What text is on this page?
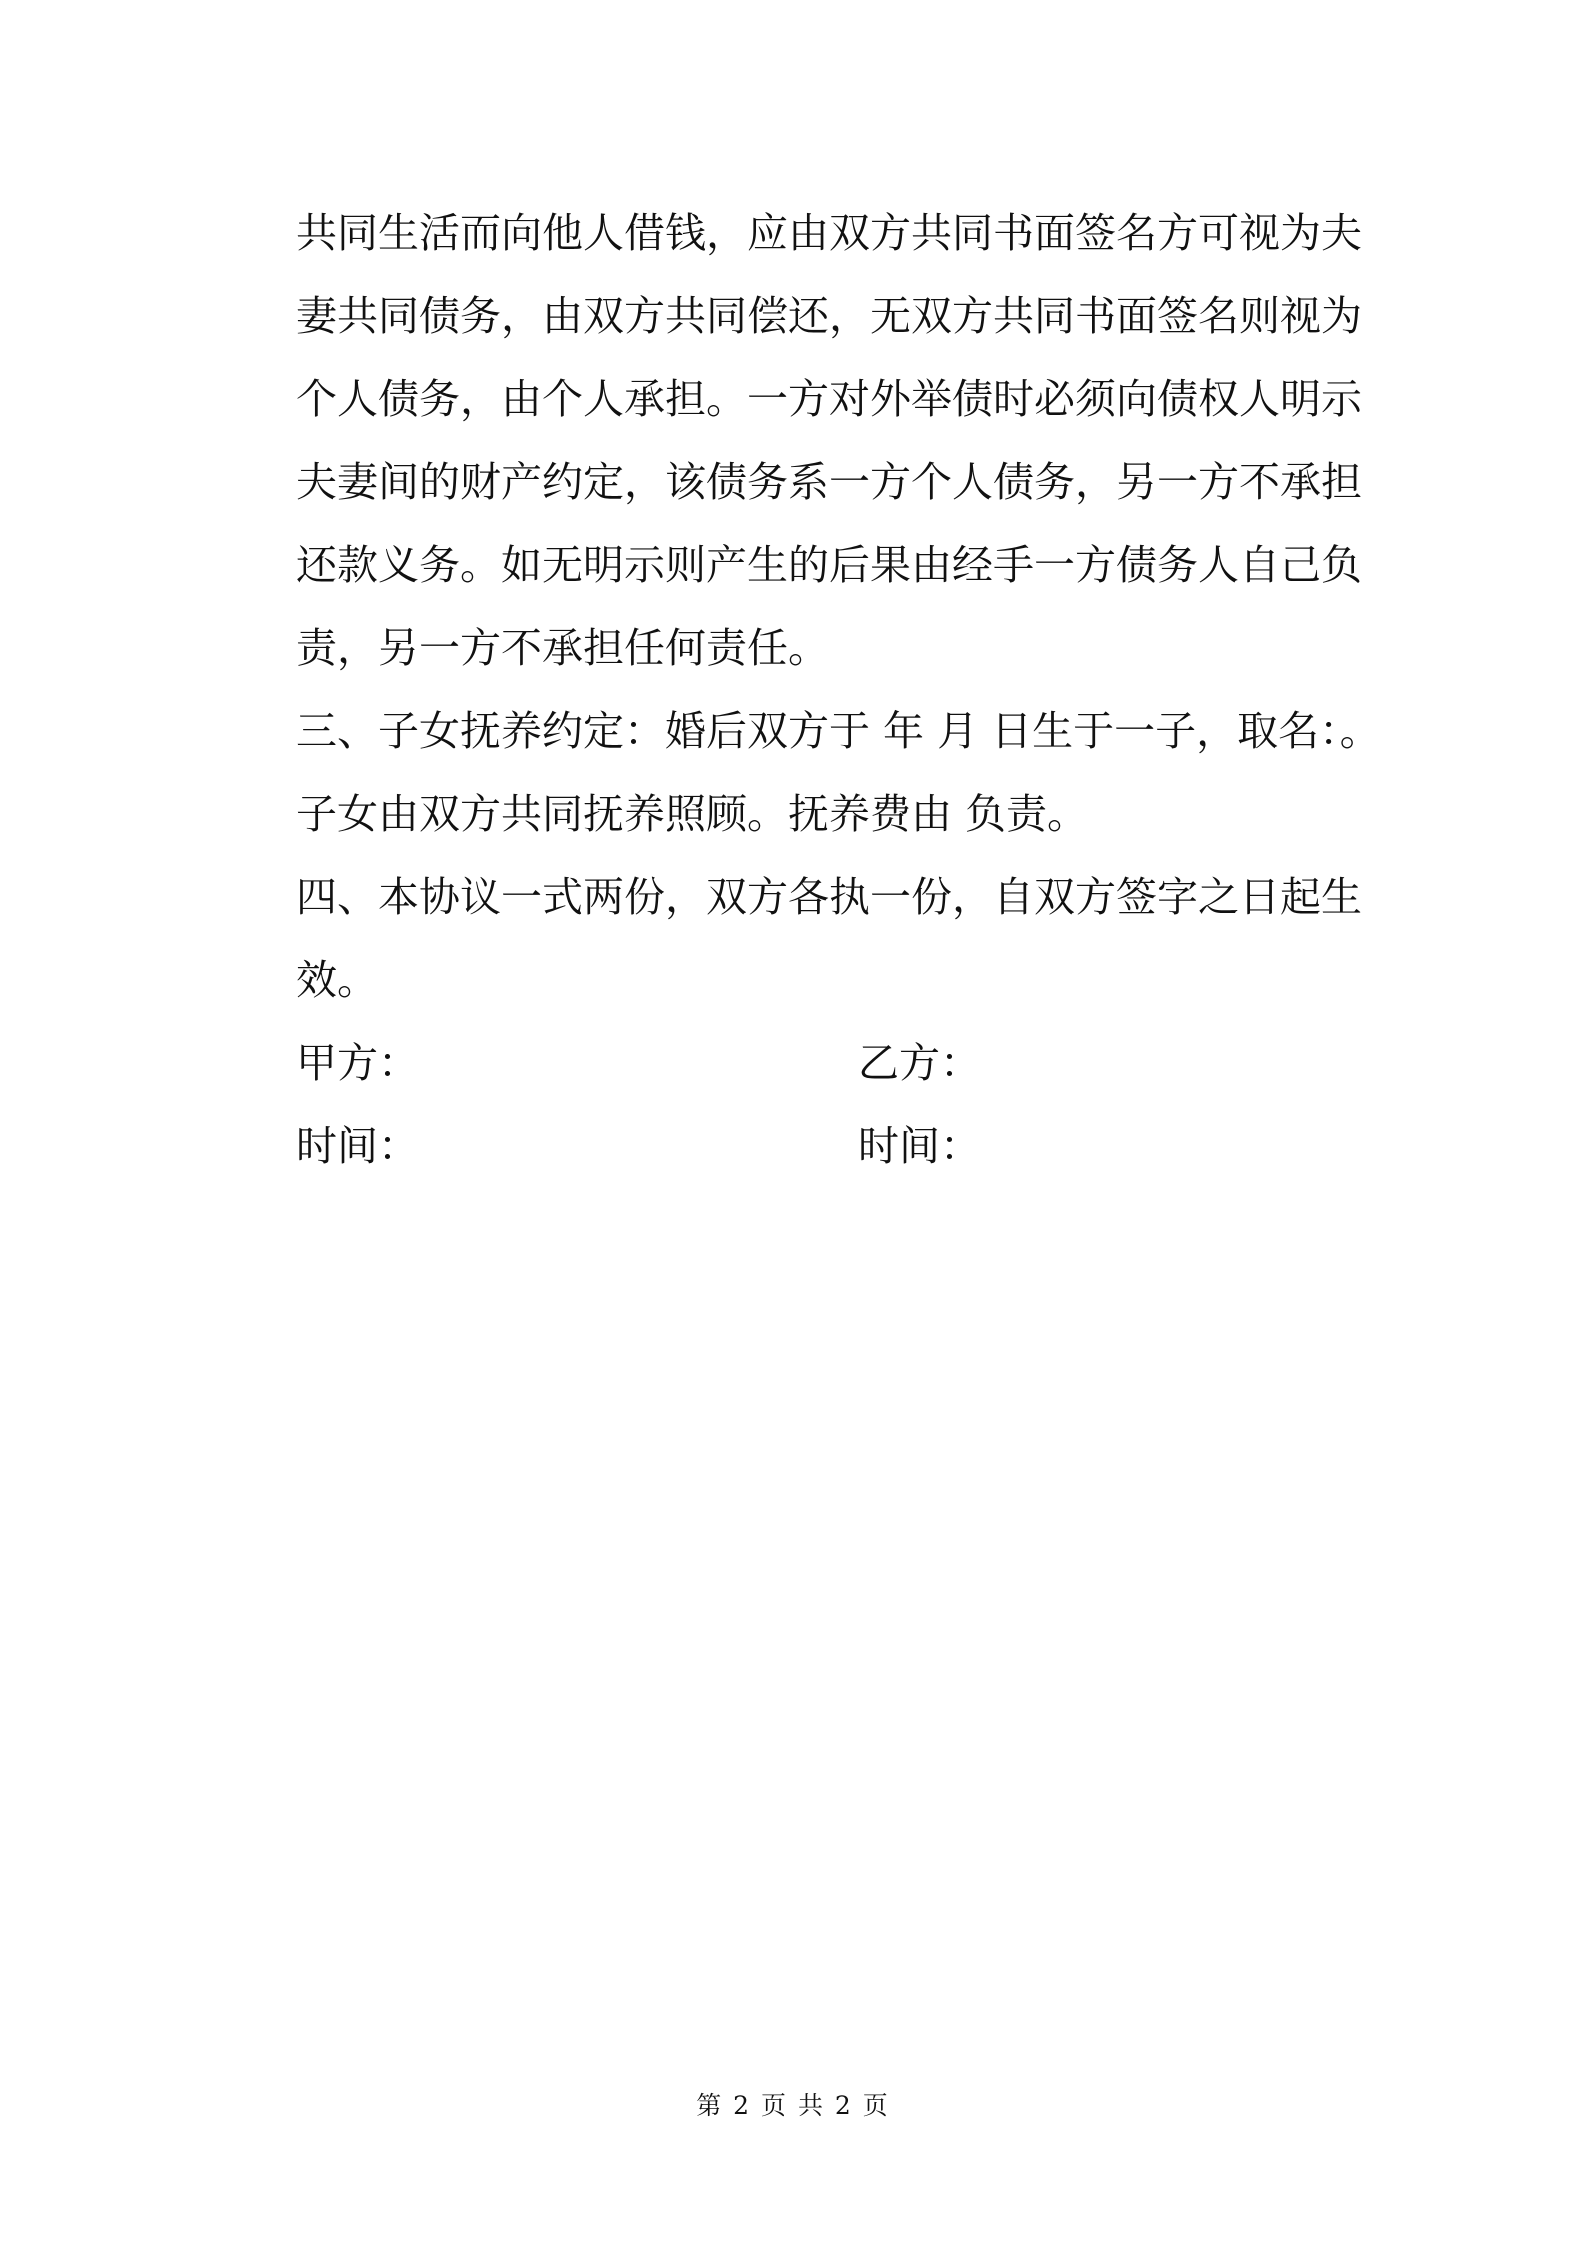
共同生活而向他人借钱，应由双方共同书面签名方可视为夫
妻共同债务，由双方共同偿还，无双方共同书面签名则视为
个人债务，由个人承担。一方对外举债时必须向债权人明示
夫妻间的财产约定，该债务系一方个人债务，另一方不承担
还款义务。如无明示则产生的后果由经手一方债务人自己负
责，另一方不承担任何责任。
三、子女抚养约定：婚后双方于 年 月 日生于一子，取名：。
子女由双方共同抚养照顾。抚养费由 负责。
四、本协议一式两份，双方各执一份，自双方签字之日起生
效。
甲方：	乙方：
时间：	时间：
第 2 页 共 2 页
